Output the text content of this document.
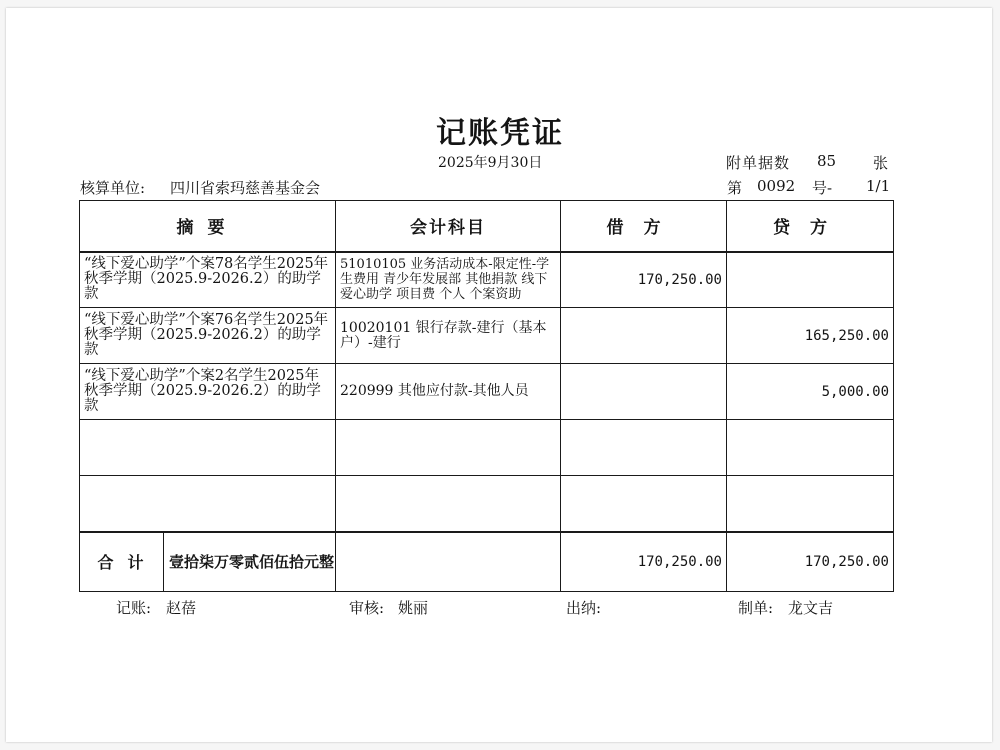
记账凭证
2025年9月30日	附单据数 85 张
核算单位: 四川省索玛慈善基金会	第 0092 号- 1/1
摘要	会计科目	借方	贷方
“线下爱心助学”个案78名学生2025年秋季学期（2025.9-2026.2）的助学款	51010105 业务活动成本-限定性-学生费用 青少年发展部 其他捐款 线下爱心助学 项目费 个人 个案资助	170,250.00	
“线下爱心助学”个案76名学生2025年秋季学期（2025.9-2026.2）的助学款	10020101 银行存款-建行（基本户）-建行		165,250.00
“线下爱心助学”个案2名学生2025年秋季学期（2025.9-2026.2）的助学款	220999 其他应付款-其他人员		5,000.00

合计 壹拾柒万零贰佰伍拾元整		170,250.00	170,250.00
记账: 赵蓓	审核: 姚丽	出纳:	制单: 龙文吉
